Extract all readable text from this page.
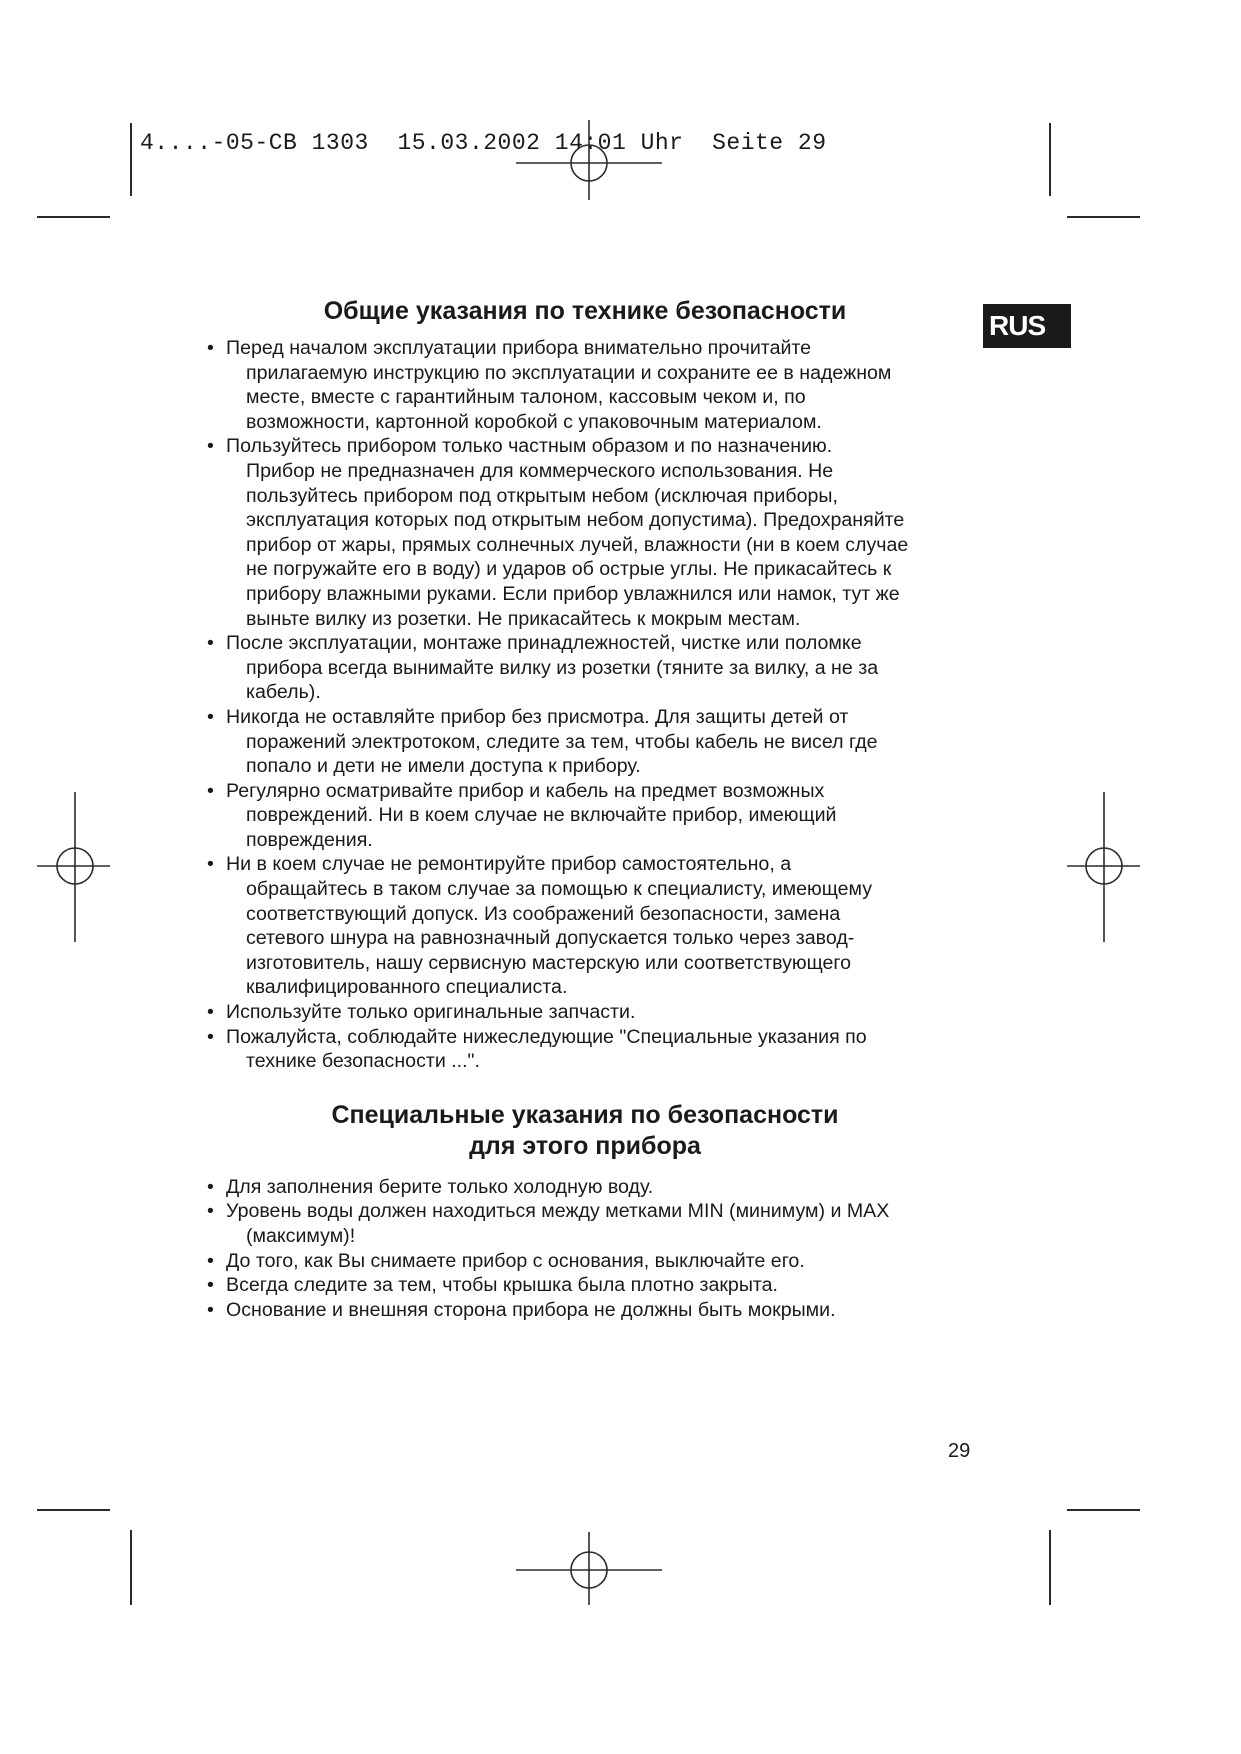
4....-05-CB 1303  15.03.2002 14:01 Uhr  Seite 29
RUS
Общие указания по технике безопасности
• Перед началом эксплуатации прибора внимательно прочитайте
прилагаемую инструкцию по эксплуатации и сохраните ее в надежном
месте, вместе с гарантийным талоном, кассовым чеком и, по
возможности, картонной коробкой с упаковочным материалом.
• Пользуйтесь прибором только частным образом и по назначению.
Прибор не предназначен для коммерческого использования. Не
пользуйтесь прибором под открытым небом (исключая приборы,
эксплуатация которых под открытым небом допустима). Предохраняйте
прибор от жары, прямых солнечных лучей, влажности (ни в коем случае
не погружайте его в воду) и ударов об острые углы. Не прикасайтесь к
прибору влажными руками. Если прибор увлажнился или намок, тут же
выньте вилку из розетки. Не прикасайтесь к мокрым местам.
• После эксплуатации, монтаже принадлежностей, чистке или поломке
прибора всегда вынимайте вилку из розетки (тяните за вилку, а не за
кабель).
• Никогда не оставляйте прибор без присмотра. Для защиты детей от
поражений электротоком, следите за тем, чтобы кабель не висел где
попало и дети не имели доступа к прибору.
• Регулярно осматривайте прибор и кабель на предмет возможных
повреждений. Ни в коем случае не включайте прибор, имеющий
повреждения.
• Ни в коем случае не ремонтируйте прибор самостоятельно, а
обращайтесь в таком случае за помощью к специалисту, имеющему
соответствующий допуск. Из соображений безопасности, замена
сетевого шнура на равнозначный допускается только через завод-
изготовитель, нашу сервисную мастерскую или соответствующего
квалифицированного специалиста.
• Используйте только оригинальные запчасти.
• Пожалуйста, соблюдайте нижеследующие "Специальные указания по
технике безопасности ...".
Специальные указания по безопасности
для этого прибора
• Для заполнения берите только холодную воду.
• Уровень воды должен находиться между метками MIN (минимум) и MAX
(максимум)!
• До того, как Вы снимаете прибор с основания, выключайте его.
• Всегда следите за тем, чтобы крышка была плотно закрыта.
• Основание и внешняя сторона прибора не должны быть мокрыми.
29
